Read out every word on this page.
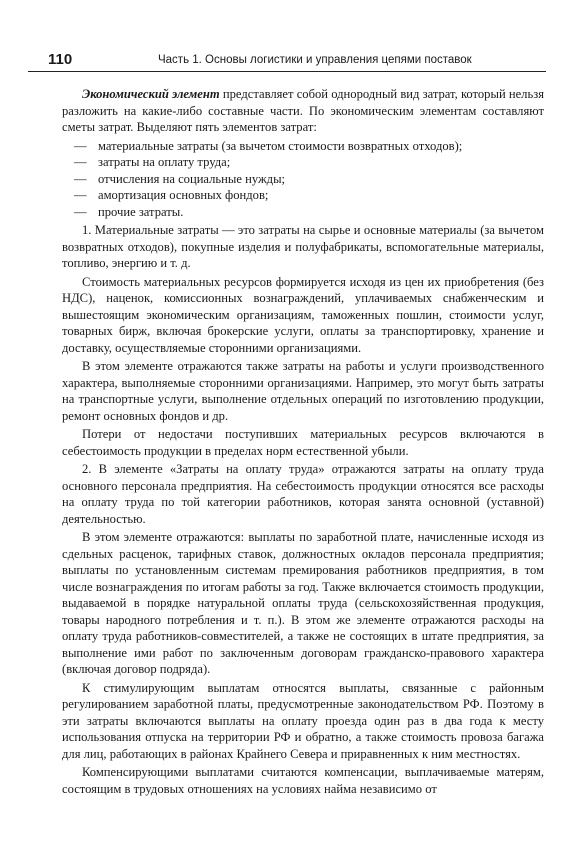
110	Часть 1. Основы логистики и управления цепями поставок

Экономический элемент представляет собой однородный вид затрат, который нельзя разложить на какие-либо составные части. По экономическим элементам составляют сметы затрат. Выделяют пять элементов затрат:

— материальные затраты (за вычетом стоимости возвратных отходов);
— затраты на оплату труда;
— отчисления на социальные нужды;
— амортизация основных фондов;
— прочие затраты.

1. Материальные затраты — это затраты на сырье и основные материалы (за вычетом возвратных отходов), покупные изделия и полуфабрикаты, вспомогательные материалы, топливо, энергию и т. д.

Стоимость материальных ресурсов формируется исходя из цен их приобретения (без НДС), наценок, комиссионных вознаграждений, уплачиваемых снабженческим и вышестоящим экономическим организациям, таможенных пошлин, стоимости услуг, товарных бирж, включая брокерские услуги, оплаты за транспортировку, хранение и доставку, осуществляемые сторонними организациями.

В этом элементе отражаются также затраты на работы и услуги производственного характера, выполняемые сторонними организациями. Например, это могут быть затраты на транспортные услуги, выполнение отдельных операций по изготовлению продукции, ремонт основных фондов и др.

Потери от недостачи поступивших материальных ресурсов включаются в себестоимость продукции в пределах норм естественной убыли.

2. В элементе «Затраты на оплату труда» отражаются затраты на оплату труда основного персонала предприятия. На себестоимость продукции относятся все расходы на оплату труда по той категории работников, которая занята основной (уставной) деятельностью.

В этом элементе отражаются: выплаты по заработной плате, начисленные исходя из сдельных расценок, тарифных ставок, должностных окладов персонала предприятия; выплаты по установленным системам премирования работников предприятия, в том числе вознаграждения по итогам работы за год. Также включается стоимость продукции, выдаваемой в порядке натуральной оплаты труда (сельскохозяйственная продукция, товары народного потребления и т. п.). В этом же элементе отражаются расходы на оплату труда работников-совместителей, а также не состоящих в штате предприятия, за выполнение ими работ по заключенным договорам гражданско-правового характера (включая договор подряда).

К стимулирующим выплатам относятся выплаты, связанные с районным регулированием заработной платы, предусмотренные законодательством РФ. Поэтому в эти затраты включаются выплаты на оплату проезда один раз в два года к месту использования отпуска на территории РФ и обратно, а также стоимость провоза багажа для лиц, работающих в районах Крайнего Севера и приравненных к ним местностях.

Компенсирующими выплатами считаются компенсации, выплачиваемые матерям, состоящим в трудовых отношениях на условиях найма независимо от
